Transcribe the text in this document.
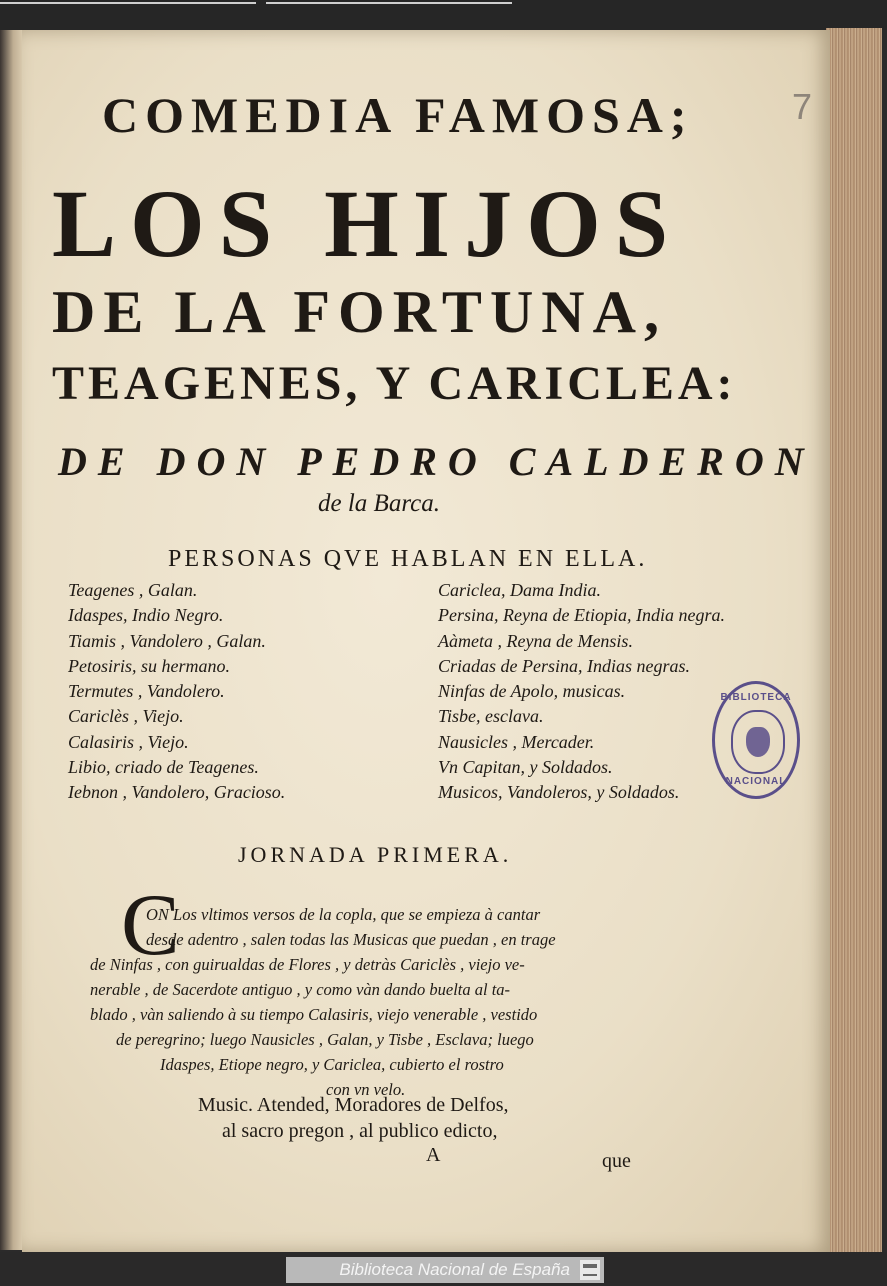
7
COMEDIA FAMOSA;
LOS HIJOS
DE LA FORTUNA,
TEAGENES, Y CARICLEA:
DE DON PEDRO CALDERON
de la Barca.
PERSONAS QVE HABLAN EN ELLA.
Teagenes , Galan.
Idaspes, Indio Negro.
Tiamis , Vandolero , Galan.
Petosiris, su hermano.
Termutes , Vandolero.
Cariclès , Viejo.
Calasiris , Viejo.
Libio, criado de Teagenes.
Iebnon , Vandolero, Gracioso.
Cariclea, Dama India.
Persina, Reyna de Etiopia, India negra.
Aàmeta , Reyna de Mensis.
Criadas de Persina, Indias negras.
Ninfas de Apolo, musicas.
Tisbe, esclava.
Nausicles , Mercader.
Vn Capitan, y Soldados.
Musicos, Vandoleros, y Soldados.
BIBLIOTECA
NACIONAL
JORNADA PRIMERA.
C
ON Los vltimos versos de la copla, que se empieza à cantar
desde adentro , salen todas las Musicas que puedan , en trage
de Ninfas , con guirualdas de Flores , y detràs Cariclès , viejo ve-
nerable , de Sacerdote antiguo , y como vàn dando buelta al ta-
blado , vàn saliendo à su tiempo Calasiris, viejo venerable , vestido
de peregrino; luego Nausicles , Galan, y Tisbe , Esclava; luego
Idaspes, Etiope negro, y Cariclea, cubierto el rostro
con vn velo.
Music. Atended, Moradores de Delfos,
al sacro pregon , al publico edicto,
A	que
Biblioteca Nacional de España
